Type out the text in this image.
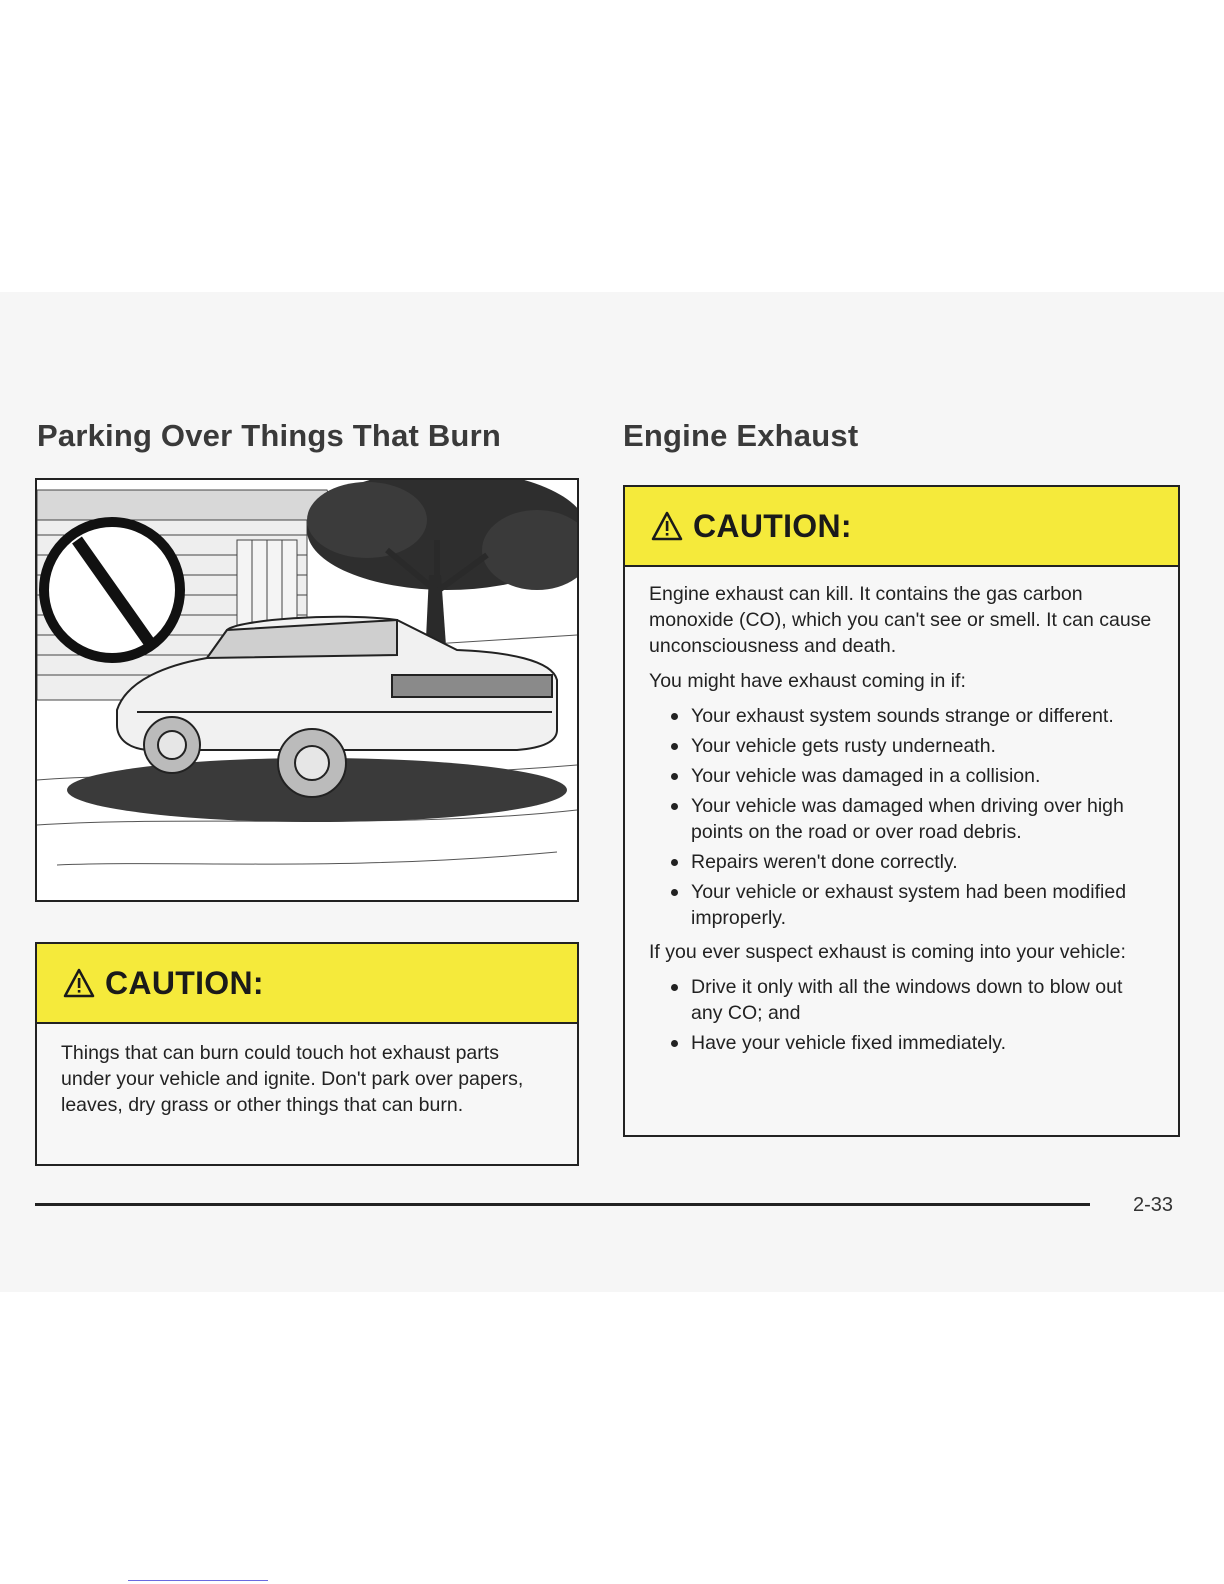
Parking Over Things That Burn	Engine Exhaust
CAUTION:

Things that can burn could touch hot exhaust parts under your vehicle and ignite. Don't park over papers, leaves, dry grass or other things that can burn.

CAUTION:

Engine exhaust can kill. It contains the gas carbon monoxide (CO), which you can't see or smell. It can cause unconsciousness and death.

You might have exhaust coming in if:

Your exhaust system sounds strange or different.
Your vehicle gets rusty underneath.
Your vehicle was damaged in a collision.
Your vehicle was damaged when driving over high points on the road or over road debris.
Repairs weren't done correctly.
Your vehicle or exhaust system had been modified improperly.

If you ever suspect exhaust is coming into your vehicle:

Drive it only with all the windows down to blow out any CO; and
Have your vehicle fixed immediately.
2-33
